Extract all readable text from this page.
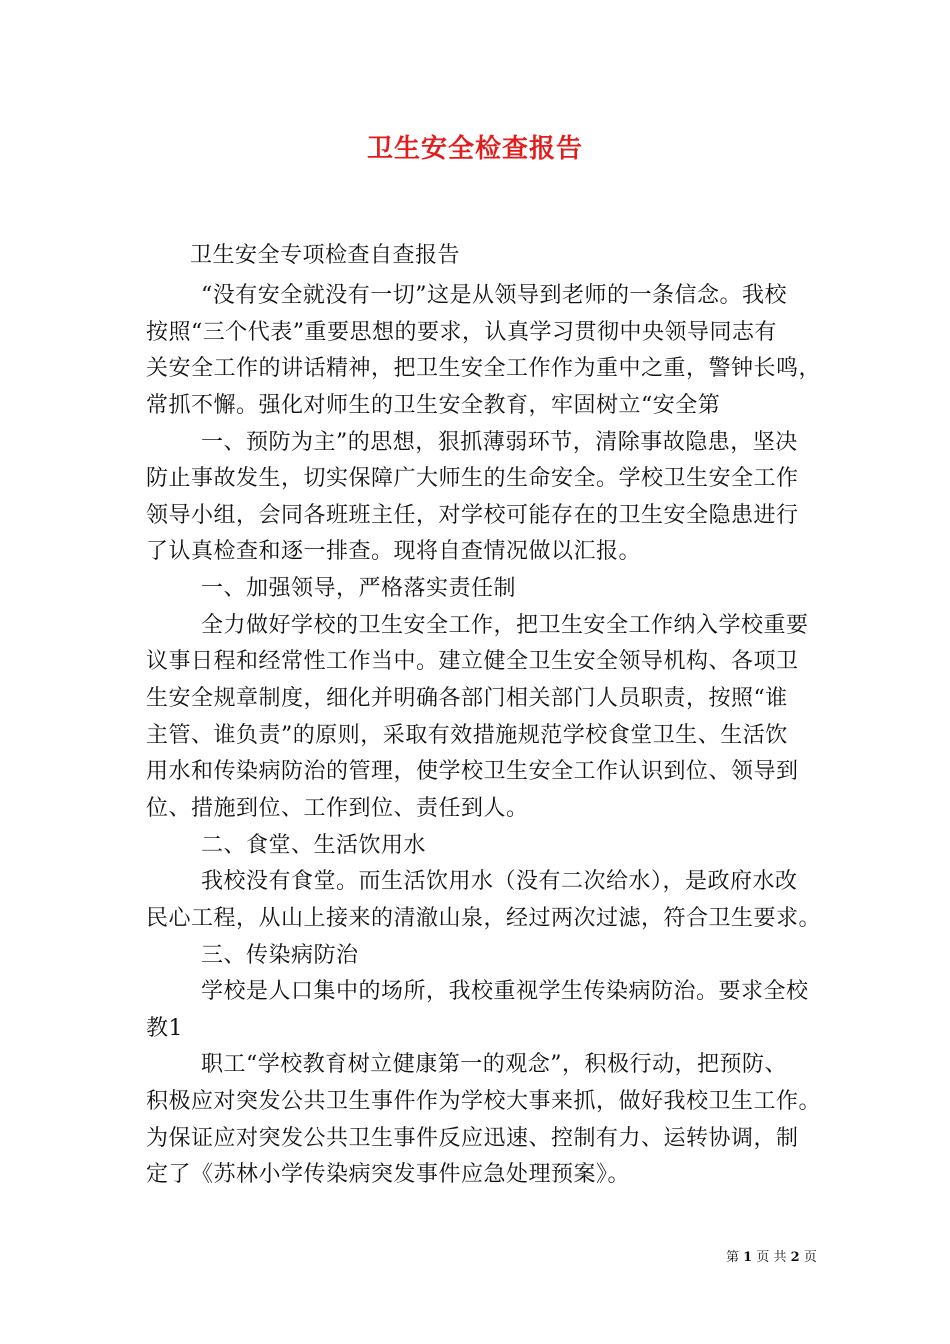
卫生安全检查报告
卫生安全专项检查自查报告
“没有安全就没有一切”这是从领导到老师的一条信念。我校
按照“三个代表”重要思想的要求，认真学习贯彻中央领导同志有
关安全工作的讲话精神，把卫生安全工作作为重中之重，警钟长鸣，
常抓不懈。强化对师生的卫生安全教育，牢固树立“安全第
一、预防为主”的思想，狠抓薄弱环节，清除事故隐患，坚决
防止事故发生，切实保障广大师生的生命安全。学校卫生安全工作
领导小组，会同各班班主任，对学校可能存在的卫生安全隐患进行
了认真检查和逐一排查。现将自查情况做以汇报。
一、加强领导，严格落实责任制
全力做好学校的卫生安全工作，把卫生安全工作纳入学校重要
议事日程和经常性工作当中。建立健全卫生安全领导机构、各项卫
生安全规章制度，细化并明确各部门相关部门人员职责，按照“谁
主管、谁负责”的原则，采取有效措施规范学校食堂卫生、生活饮
用水和传染病防治的管理，使学校卫生安全工作认识到位、领导到
位、措施到位、工作到位、责任到人。
二、食堂、生活饮用水
我校没有食堂。而生活饮用水（没有二次给水），是政府水改
民心工程，从山上接来的清澈山泉，经过两次过滤，符合卫生要求。
三、传染病防治
学校是人口集中的场所，我校重视学生传染病防治。要求全校
教1
职工“学校教育树立健康第一的观念”，积极行动，把预防、
积极应对突发公共卫生事件作为学校大事来抓，做好我校卫生工作。
为保证应对突发公共卫生事件反应迅速、控制有力、运转协调，制
定了《苏林小学传染病突发事件应急处理预案》。
第 1 页 共 2 页
